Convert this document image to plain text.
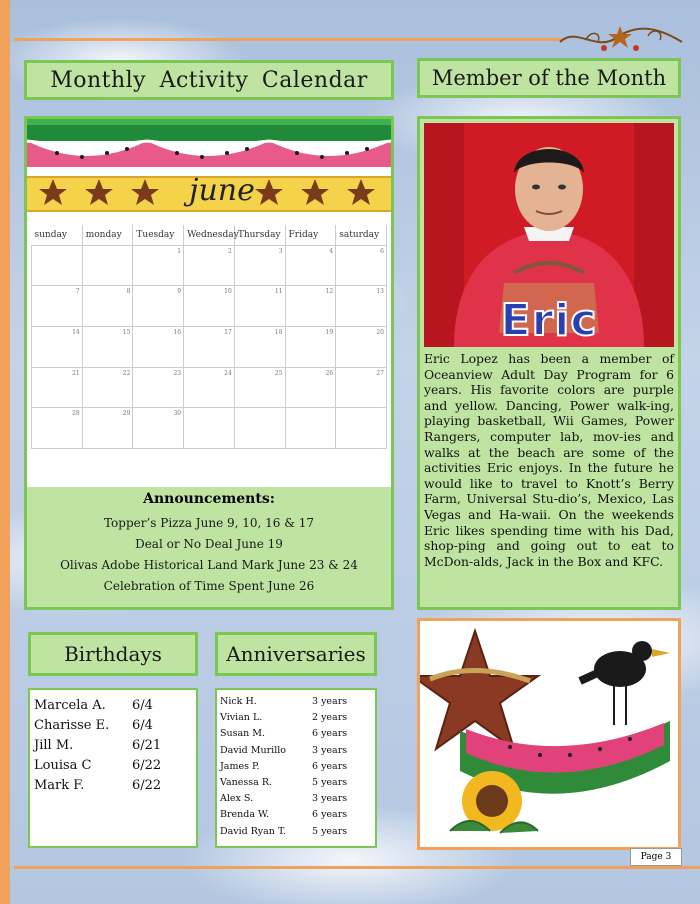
Monthly Activity Calendar	Member of the Month
june
sunday	monday	Tuesday	Wednesday	Thursday	Friday	saturday
		1	2	3	4	6
7	8	9	10	11	12	13
14	15	16	17	18	19	20
21	22	23	24	25	26	27
28	29	30				
Announcements:

Topper’s Pizza June 9, 10, 16 & 17

Deal or No Deal June 19

Olivas Adobe Historical Land Mark June 23 & 24

Celebration of Time Spent June 26

Eric
Eric Lopez has been a member of Oceanview Adult Day Program for 6 years. His favorite colors are purple and yellow. Dancing, Power walk-ing, playing basketball, Wii Games, Power Rangers, computer lab, mov-ies and walks at the beach are some of the activities Eric enjoys. In the future he would like to travel to Knott’s Berry Farm, Universal Stu-dio’s, Mexico, Las Vegas and Ha-waii. On the weekends Eric likes spending time with his Dad, shop-ping and going out to eat to McDon-alds, Jack in the Box and KFC.
Birthdays
Marcela A.	6/4
Charisse E.	6/4
Jill M.	6/21
Louisa C	6/22
Mark F.	6/22
Anniversaries
Nick H.	3 years
Vivian L.	2 years
Susan M.	6 years
David Murillo	3 years
James P.	6 years
Vanessa R.	5 years
Alex S.	3 years
Brenda W.	6 years
David Ryan T.	5 years
Page 3
